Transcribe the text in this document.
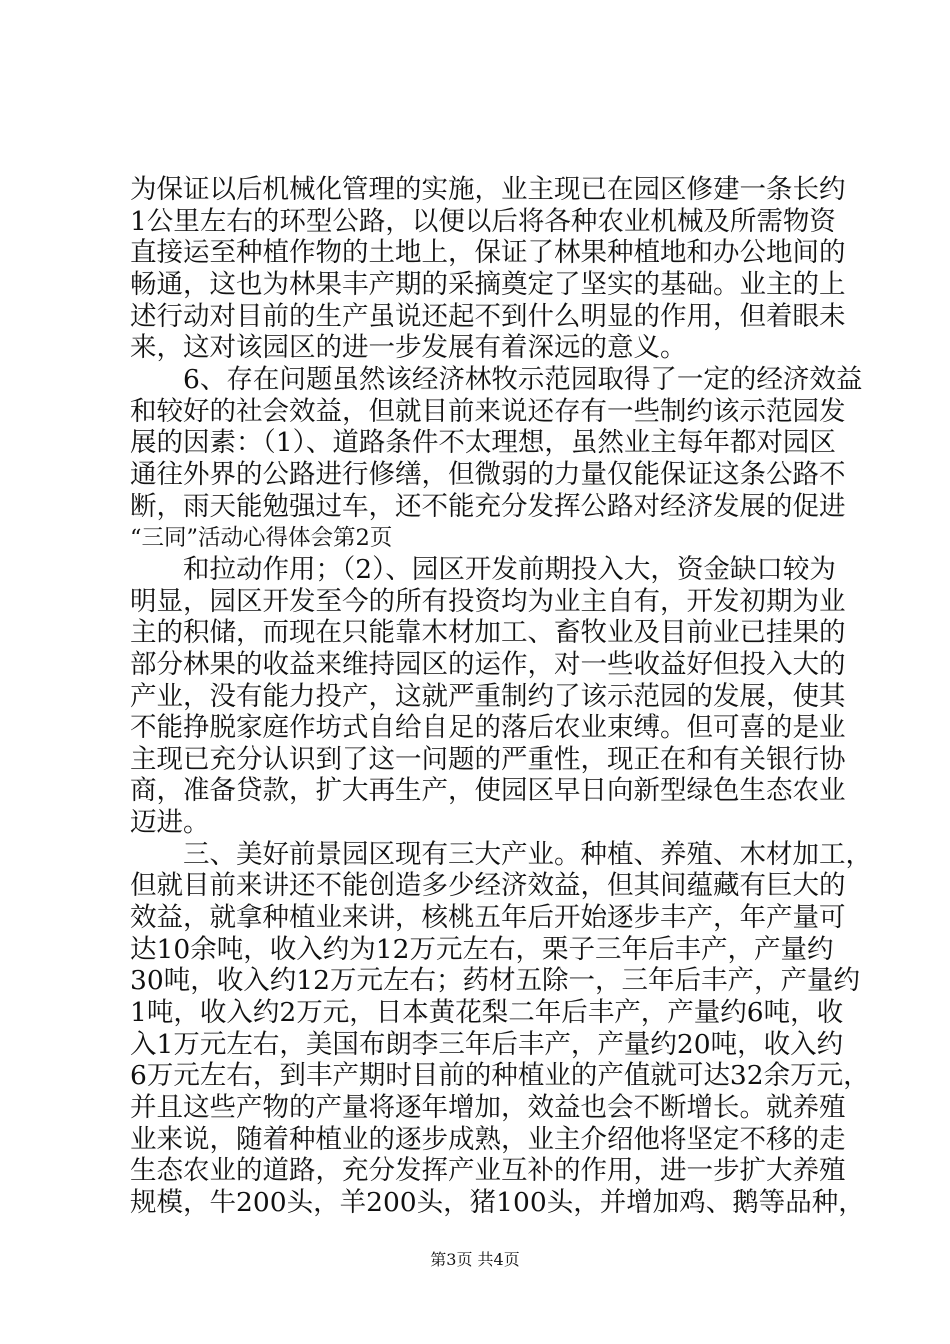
为保证以后机械化管理的实施，业主现已在园区修建一条长约
1公里左右的环型公路，以便以后将各种农业机械及所需物资
直接运至种植作物的土地上，保证了林果种植地和办公地间的
畅通，这也为林果丰产期的采摘奠定了坚实的基础。业主的上
述行动对目前的生产虽说还起不到什么明显的作用，但着眼未
来，这对该园区的进一步发展有着深远的意义。
　　6、存在问题虽然该经济林牧示范园取得了一定的经济效益
和较好的社会效益，但就目前来说还存有一些制约该示范园发
展的因素：（1）、道路条件不太理想，虽然业主每年都对园区
通往外界的公路进行修缮，但微弱的力量仅能保证这条公路不
断，雨天能勉强过车，还不能充分发挥公路对经济发展的促进
“三同”活动心得体会第2页
　　和拉动作用；（2）、园区开发前期投入大，资金缺口较为
明显，园区开发至今的所有投资均为业主自有，开发初期为业
主的积储，而现在只能靠木材加工、畜牧业及目前业已挂果的
部分林果的收益来维持园区的运作，对一些收益好但投入大的
产业，没有能力投产，这就严重制约了该示范园的发展，使其
不能挣脱家庭作坊式自给自足的落后农业束缚。但可喜的是业
主现已充分认识到了这一问题的严重性，现正在和有关银行协
商，准备贷款，扩大再生产，使园区早日向新型绿色生态农业
迈进。
　　三、美好前景园区现有三大产业。种植、养殖、木材加工，
但就目前来讲还不能创造多少经济效益，但其间蕴藏有巨大的
效益，就拿种植业来讲，核桃五年后开始逐步丰产，年产量可
达10余吨，收入约为12万元左右，栗子三年后丰产，产量约
30吨，收入约12万元左右；药材五除一，三年后丰产，产量约
1吨，收入约2万元，日本黄花梨二年后丰产，产量约6吨，收
入1万元左右，美国布朗李三年后丰产，产量约20吨，收入约
6万元左右，到丰产期时目前的种植业的产值就可达32余万元，
并且这些产物的产量将逐年增加，效益也会不断增长。就养殖
业来说，随着种植业的逐步成熟，业主介绍他将坚定不移的走
生态农业的道路，充分发挥产业互补的作用，进一步扩大养殖
规模，牛200头，羊200头，猪100头，并增加鸡、鹅等品种，
第3页 共4页
